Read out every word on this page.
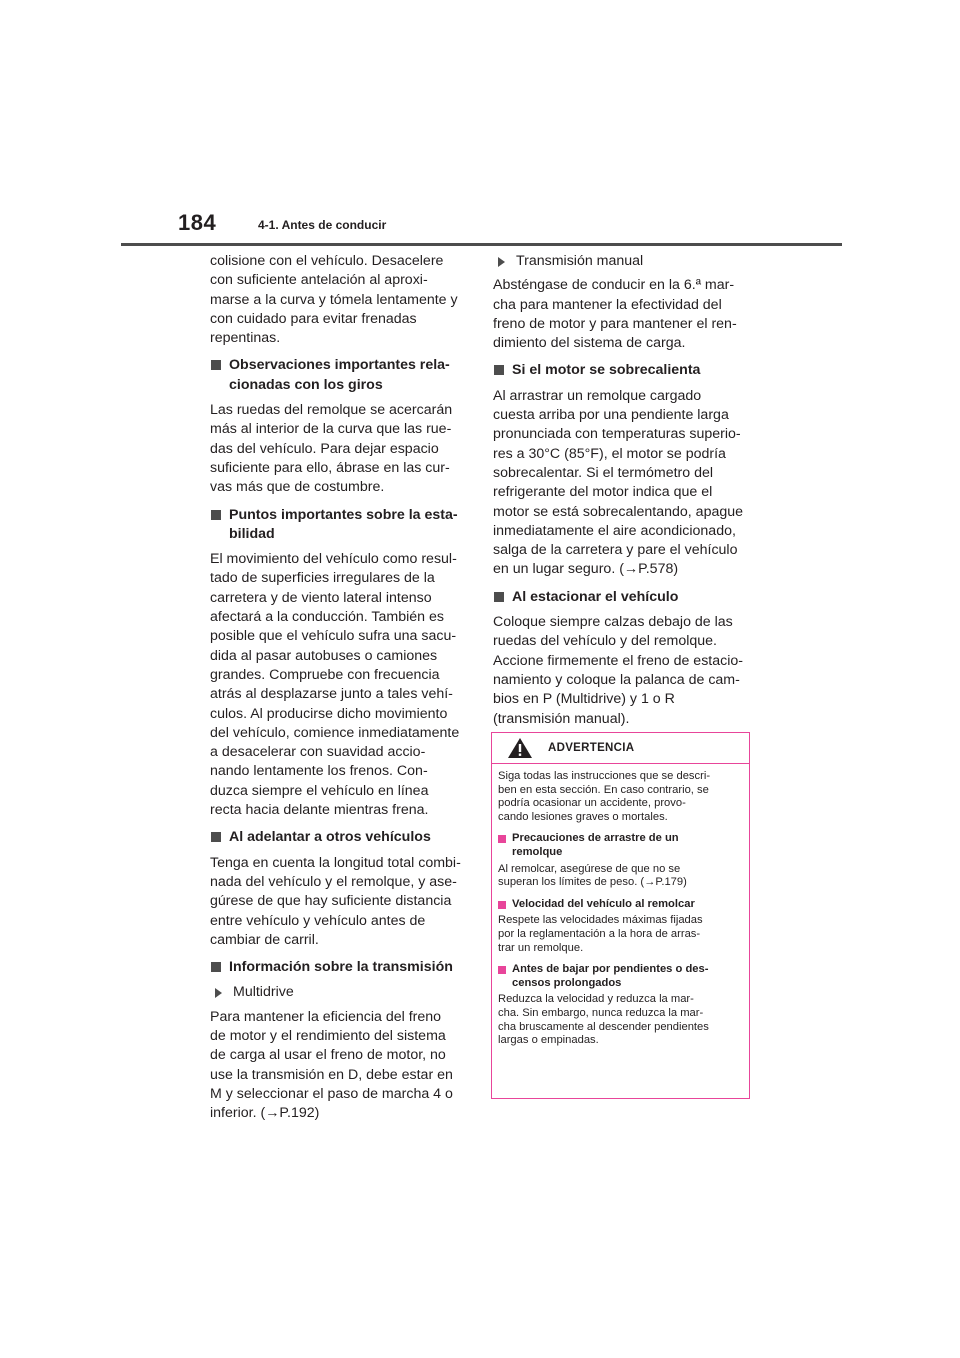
184	4-1. Antes de conducir

colisione con el vehículo. Desacelere
con suficiente antelación al aproxi-
marse a la curva y tómela lentamente y
con cuidado para evitar frenadas
repentinas.

Observaciones importantes rela-
cionadas con los giros

Las ruedas del remolque se acercarán
más al interior de la curva que las rue-
das del vehículo. Para dejar espacio
suficiente para ello, ábrase en las cur-
vas más que de costumbre.

Puntos importantes sobre la esta-
bilidad

El movimiento del vehículo como resul-
tado de superficies irregulares de la
carretera y de viento lateral intenso
afectará a la conducción. También es
posible que el vehículo sufra una sacu-
dida al pasar autobuses o camiones
grandes. Compruebe con frecuencia
atrás al desplazarse junto a tales vehí-
culos. Al producirse dicho movimiento
del vehículo, comience inmediatamente
a desacelerar con suavidad accio-
nando lentamente los frenos. Con-
duzca siempre el vehículo en línea
recta hacia delante mientras frena.

Al adelantar a otros vehículos

Tenga en cuenta la longitud total combi-
nada del vehículo y el remolque, y ase-
gúrese de que hay suficiente distancia
entre vehículo y vehículo antes de
cambiar de carril.

Información sobre la transmisión
Multidrive

Para mantener la eficiencia del freno
de motor y el rendimiento del sistema
de carga al usar el freno de motor, no
use la transmisión en D, debe estar en
M y seleccionar el paso de marcha 4 o
inferior. (→P.192)

Transmisión manual

Absténgase de conducir en la 6.ª mar-
cha para mantener la efectividad del
freno de motor y para mantener el ren-
dimiento del sistema de carga.

Si el motor se sobrecalienta

Al arrastrar un remolque cargado
cuesta arriba por una pendiente larga
pronunciada con temperaturas superio-
res a 30°C (85°F), el motor se podría
sobrecalentar. Si el termómetro del
refrigerante del motor indica que el
motor se está sobrecalentando, apague
inmediatamente el aire acondicionado,
salga de la carretera y pare el vehículo
en un lugar seguro. (→P.578)

Al estacionar el vehículo

Coloque siempre calzas debajo de las
ruedas del vehículo y del remolque.
Accione firmemente el freno de estacio-
namiento y coloque la palanca de cam-
bios en P (Multidrive) y 1 o R
(transmisión manual).

ADVERTENCIA

Siga todas las instrucciones que se descri-
ben en esta sección. En caso contrario, se
podría ocasionar un accidente, provo-
cando lesiones graves o mortales.

Precauciones de arrastre de un
remolque

Al remolcar, asegúrese de que no se
superan los límites de peso. (→P.179)

Velocidad del vehículo al remolcar

Respete las velocidades máximas fijadas
por la reglamentación a la hora de arras-
trar un remolque.

Antes de bajar por pendientes o des-
censos prolongados

Reduzca la velocidad y reduzca la mar-
cha. Sin embargo, nunca reduzca la mar-
cha bruscamente al descender pendientes
largas o empinadas.
